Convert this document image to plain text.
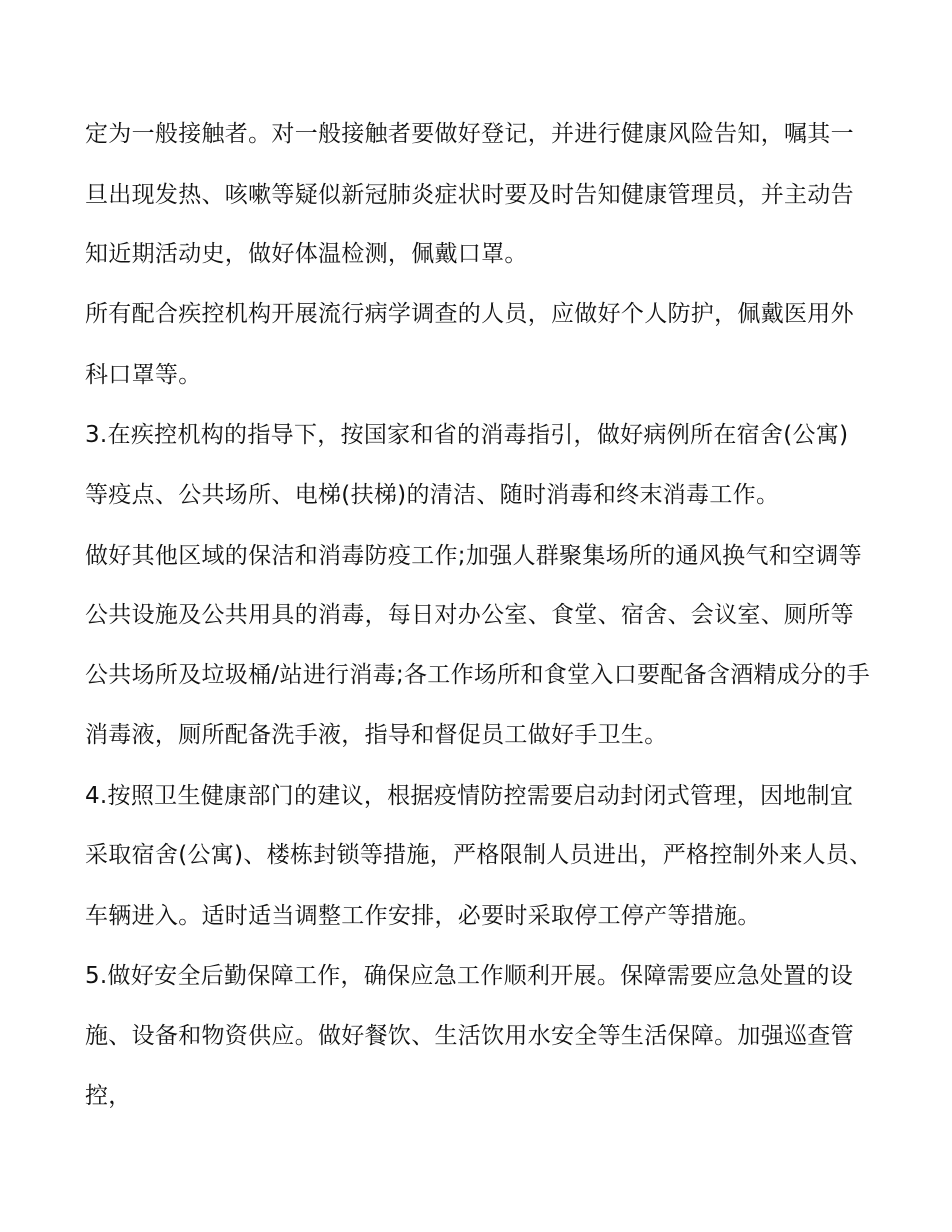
定为一般接触者。对一般接触者要做好登记，并进行健康风险告知，嘱其一
旦出现发热、咳嗽等疑似新冠肺炎症状时要及时告知健康管理员，并主动告
知近期活动史，做好体温检测，佩戴口罩。
所有配合疾控机构开展流行病学调查的人员，应做好个人防护，佩戴医用外
科口罩等。
3.在疾控机构的指导下，按国家和省的消毒指引，做好病例所在宿舍(公寓)
等疫点、公共场所、电梯(扶梯)的清洁、随时消毒和终末消毒工作。
做好其他区域的保洁和消毒防疫工作;加强人群聚集场所的通风换气和空调等
公共设施及公共用具的消毒，每日对办公室、食堂、宿舍、会议室、厕所等
公共场所及垃圾桶/站进行消毒;各工作场所和食堂入口要配备含酒精成分的手
消毒液，厕所配备洗手液，指导和督促员工做好手卫生。
4.按照卫生健康部门的建议，根据疫情防控需要启动封闭式管理，因地制宜
采取宿舍(公寓)、楼栋封锁等措施，严格限制人员进出，严格控制外来人员、
车辆进入。适时适当调整工作安排，必要时采取停工停产等措施。
5.做好安全后勤保障工作，确保应急工作顺利开展。保障需要应急处置的设
施、设备和物资供应。做好餐饮、生活饮用水安全等生活保障。加强巡查管
控，
